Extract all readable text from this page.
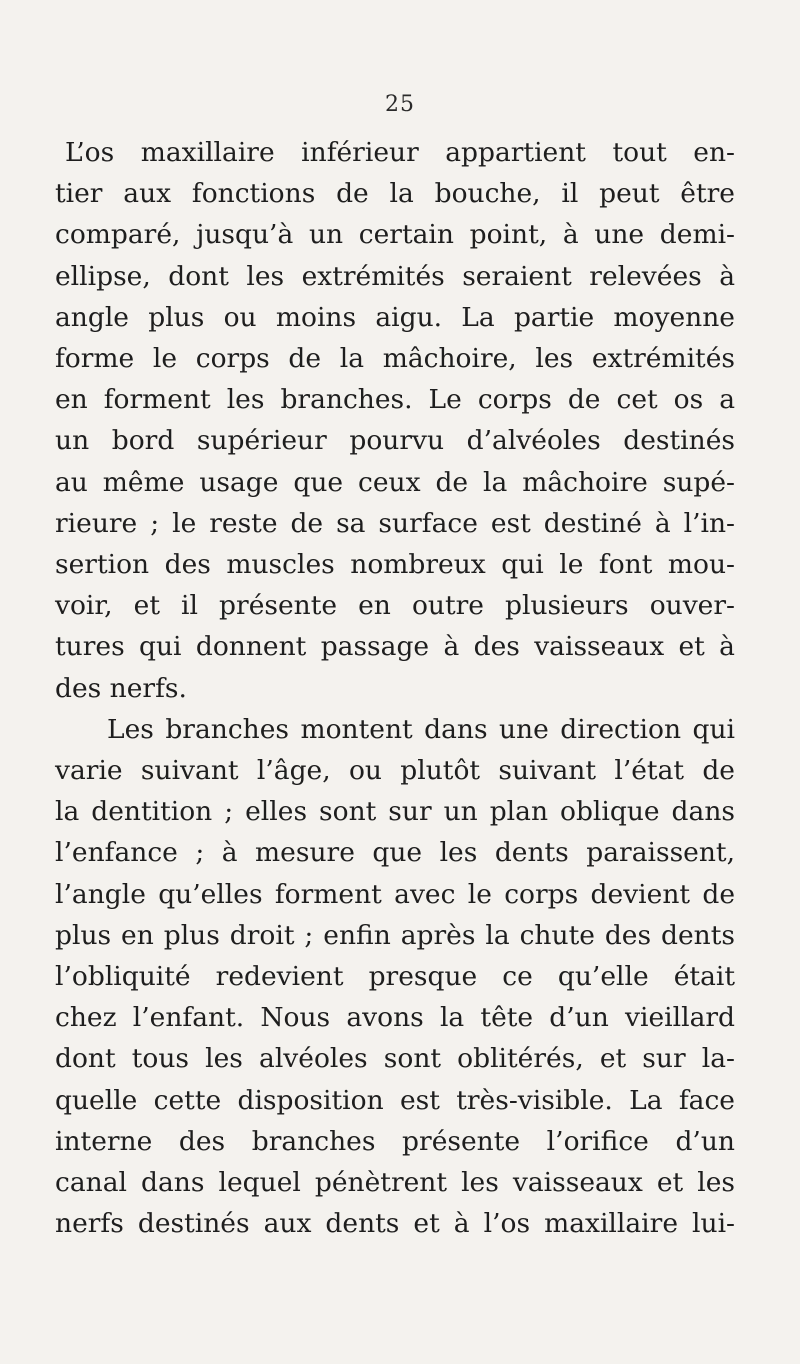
25
L’os maxillaire inférieur appartient tout en-
tier aux fonctions de la bouche, il peut être
comparé, jusqu’à un certain point, à une demi-
ellipse, dont les extrémités seraient relevées à
angle plus ou moins aigu. La partie moyenne
forme le corps de la mâchoire, les extrémités
en forment les branches. Le corps de cet os a
un bord supérieur pourvu d’alvéoles destinés
au même usage que ceux de la mâchoire supé-
rieure ; le reste de sa surface est destiné à l’in-
sertion des muscles nombreux qui le font mou-
voir, et il présente en outre plusieurs ouver-
tures qui donnent passage à des vaisseaux et à
des nerfs.
Les branches montent dans une direction qui
varie suivant l’âge, ou plutôt suivant l’état de
la dentition ; elles sont sur un plan oblique dans
l’enfance ; à mesure que les dents paraissent,
l’angle qu’elles forment avec le corps devient de
plus en plus droit ; enfin après la chute des dents
l’obliquité redevient presque ce qu’elle était
chez l’enfant. Nous avons la tête d’un vieillard
dont tous les alvéoles sont oblitérés, et sur la-
quelle cette disposition est très-visible. La face
interne des branches présente l’orifice d’un
canal dans lequel pénètrent les vaisseaux et les
nerfs destinés aux dents et à l’os maxillaire lui-
